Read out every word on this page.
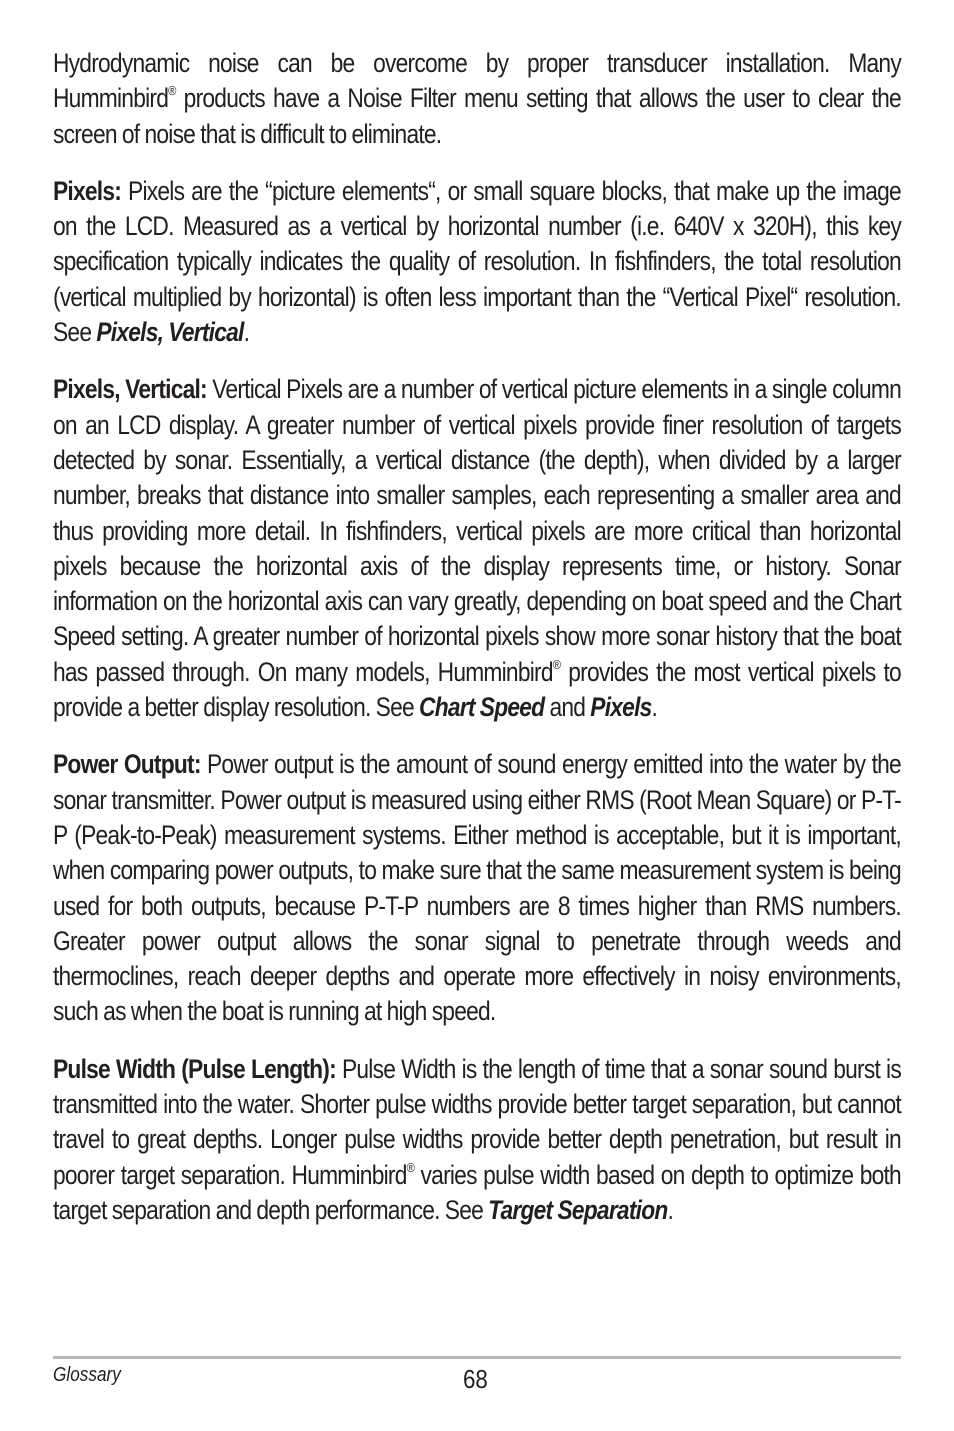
Hydrodynamic noise can be overcome by proper transducer installation. Many Humminbird® products have a Noise Filter menu setting that allows the user to clear the screen of noise that is difficult to eliminate.

Pixels: Pixels are the “picture elements“, or small square blocks, that make up the image on the LCD. Measured as a vertical by horizontal number (i.e. 640V x 320H), this key specification typically indicates the quality of resolution. In fishfinders, the total resolution (vertical multiplied by horizontal) is often less important than the “Vertical Pixel“ resolution. See Pixels, Vertical.

Pixels, Vertical: Vertical Pixels are a number of vertical picture elements in a single column on an LCD display. A greater number of vertical pixels provide finer resolution of targets detected by sonar. Essentially, a vertical distance (the depth), when divided by a larger number, breaks that distance into smaller samples, each representing a smaller area and thus providing more detail. In fishfinders, vertical pixels are more critical than horizontal pixels because the horizontal axis of the display represents time, or history. Sonar information on the horizontal axis can vary greatly, depending on boat speed and the Chart Speed setting. A greater number of horizontal pixels show more sonar history that the boat has passed through. On many models, Humminbird® provides the most vertical pixels to provide a better display resolution. See Chart Speed and Pixels.

Power Output: Power output is the amount of sound energy emitted into the water by the sonar transmitter. Power output is measured using either RMS (Root Mean Square) or P-T-P (Peak-to-Peak) measurement systems. Either method is acceptable, but it is important, when comparing power outputs, to make sure that the same measurement system is being used for both outputs, because P-T-P numbers are 8 times higher than RMS numbers. Greater power output allows the sonar signal to penetrate through weeds and thermoclines, reach deeper depths and operate more effectively in noisy environments, such as when the boat is running at high speed.

Pulse Width (Pulse Length): Pulse Width is the length of time that a sonar sound burst is transmitted into the water. Shorter pulse widths provide better target separation, but cannot travel to great depths. Longer pulse widths provide better depth penetration, but result in poorer target separation. Humminbird® varies pulse width based on depth to optimize both target separation and depth performance. See Target Separation.

Glossary	68
